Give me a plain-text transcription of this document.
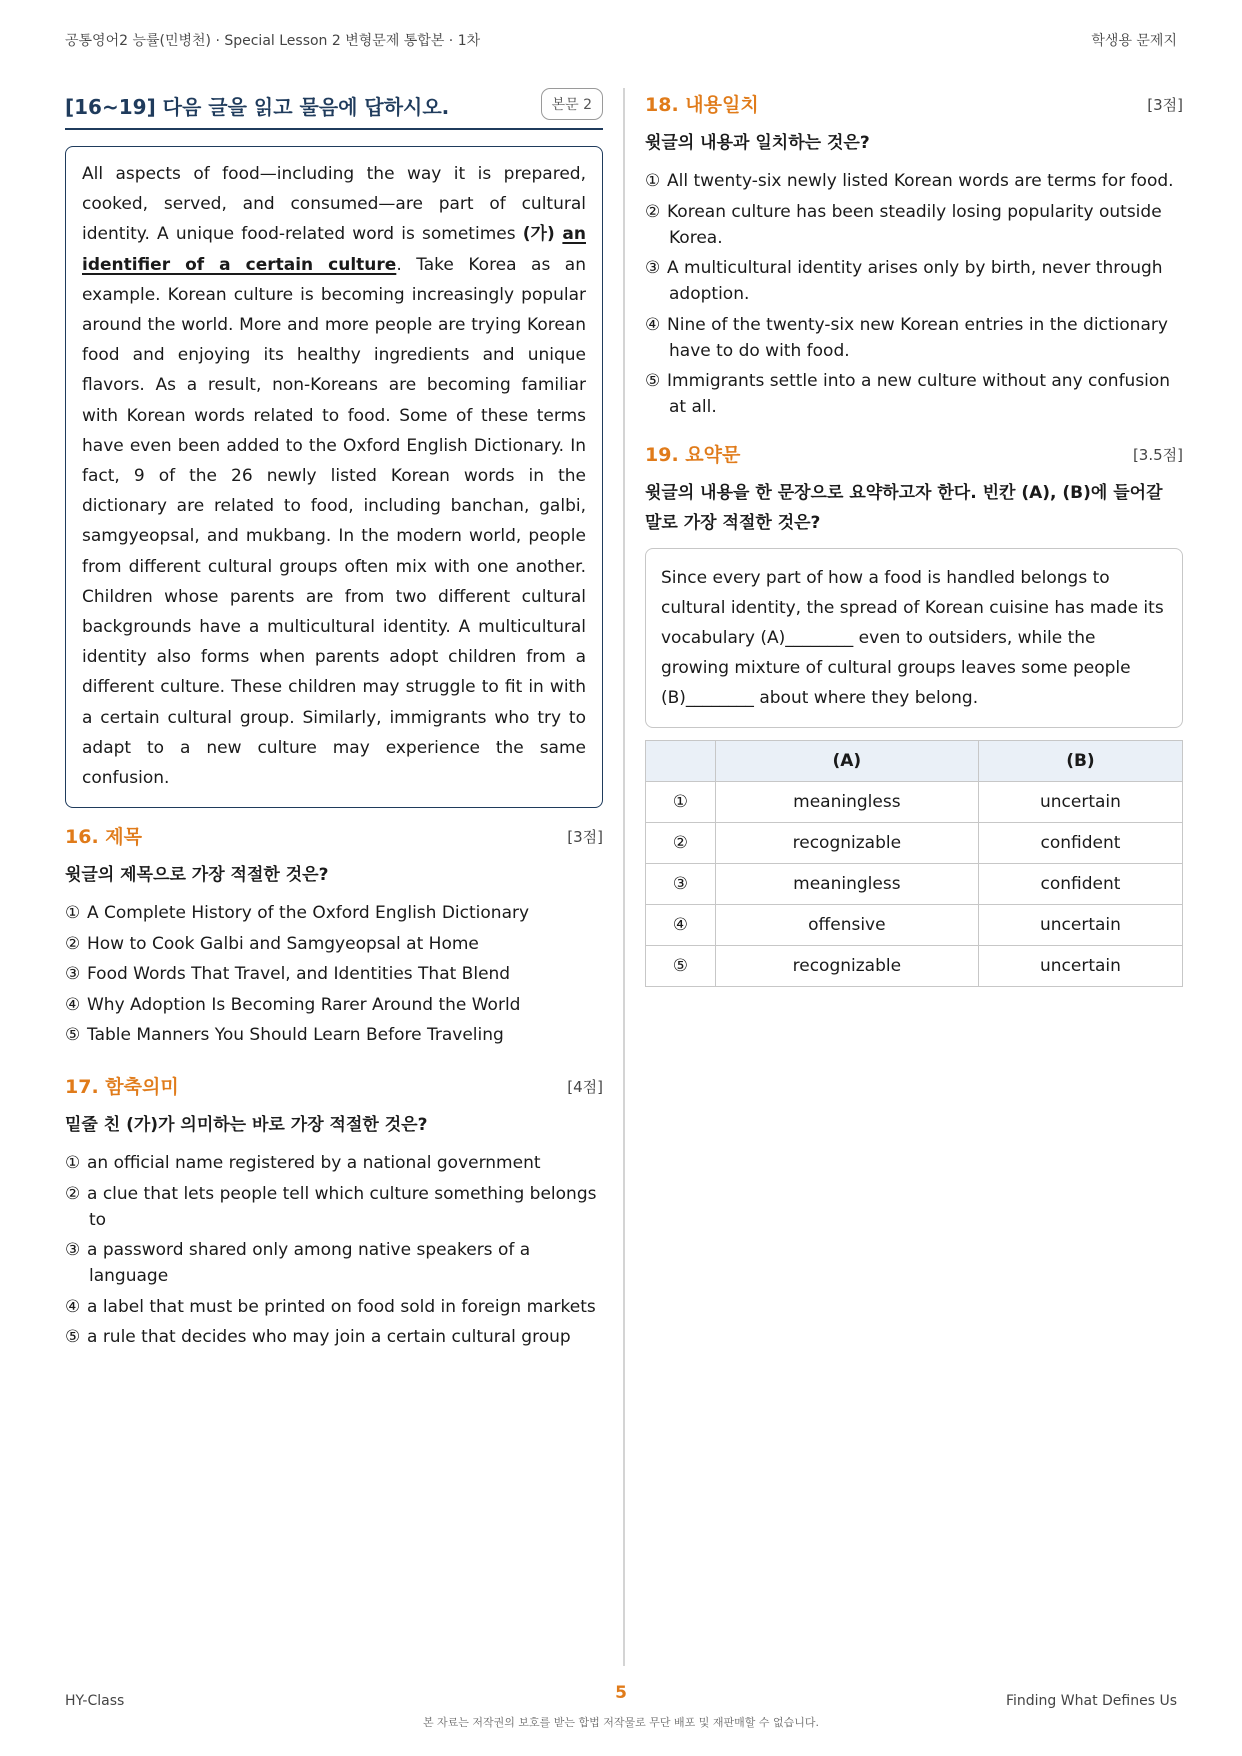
공통영어2 능률(민병천) · Special Lesson 2 변형문제 통합본 · 1차	학생용 문제지
[16~19] 다음 글을 읽고 물음에 답하시오.	본문 2
All aspects of food—including the way it is prepared, cooked, served, and consumed—are part of cultural identity. A unique food-related word is sometimes (가) an identifier of a certain culture. Take Korea as an example. Korean culture is becoming increasingly popular around the world. More and more people are trying Korean food and enjoying its healthy ingredients and unique flavors. As a result, non-Koreans are becoming familiar with Korean words related to food. Some of these terms have even been added to the Oxford English Dictionary. In fact, 9 of the 26 newly listed Korean words in the dictionary are related to food, including banchan, galbi, samgyeopsal, and mukbang. In the modern world, people from different cultural groups often mix with one another. Children whose parents are from two different cultural backgrounds have a multicultural identity. A multicultural identity also forms when parents adopt children from a different culture. These children may struggle to fit in with a certain cultural group. Similarly, immigrants who try to adapt to a new culture may experience the same confusion.
16. 제목	[3점]
윗글의 제목으로 가장 적절한 것은?
① A Complete History of the Oxford English Dictionary
② How to Cook Galbi and Samgyeopsal at Home
③ Food Words That Travel, and Identities That Blend
④ Why Adoption Is Becoming Rarer Around the World
⑤ Table Manners You Should Learn Before Traveling
17. 함축의미	[4점]
밑줄 친 (가)가 의미하는 바로 가장 적절한 것은?
① an official name registered by a national government
② a clue that lets people tell which culture something belongs to
③ a password shared only among native speakers of a language
④ a label that must be printed on food sold in foreign markets
⑤ a rule that decides who may join a certain cultural group
18. 내용일치	[3점]
윗글의 내용과 일치하는 것은?
① All twenty-six newly listed Korean words are terms for food.
② Korean culture has been steadily losing popularity outside Korea.
③ A multicultural identity arises only by birth, never through adoption.
④ Nine of the twenty-six new Korean entries in the dictionary have to do with food.
⑤ Immigrants settle into a new culture without any confusion at all.
19. 요약문	[3.5점]
윗글의 내용을 한 문장으로 요약하고자 한다. 빈칸 (A), (B)에 들어갈 말로 가장 적절한 것은?
Since every part of how a food is handled belongs to cultural identity, the spread of Korean cuisine has made its vocabulary (A)________ even to outsiders, while the growing mixture of cultural groups leaves some people (B)________ about where they belong.
	(A)	(B)
①	meaningless	uncertain
②	recognizable	confident
③	meaningless	confident
④	offensive	uncertain
⑤	recognizable	uncertain
HY-Class	5	Finding What Defines Us
본 자료는 저작권의 보호를 받는 합법 저작물로 무단 배포 및 재판매할 수 없습니다.
